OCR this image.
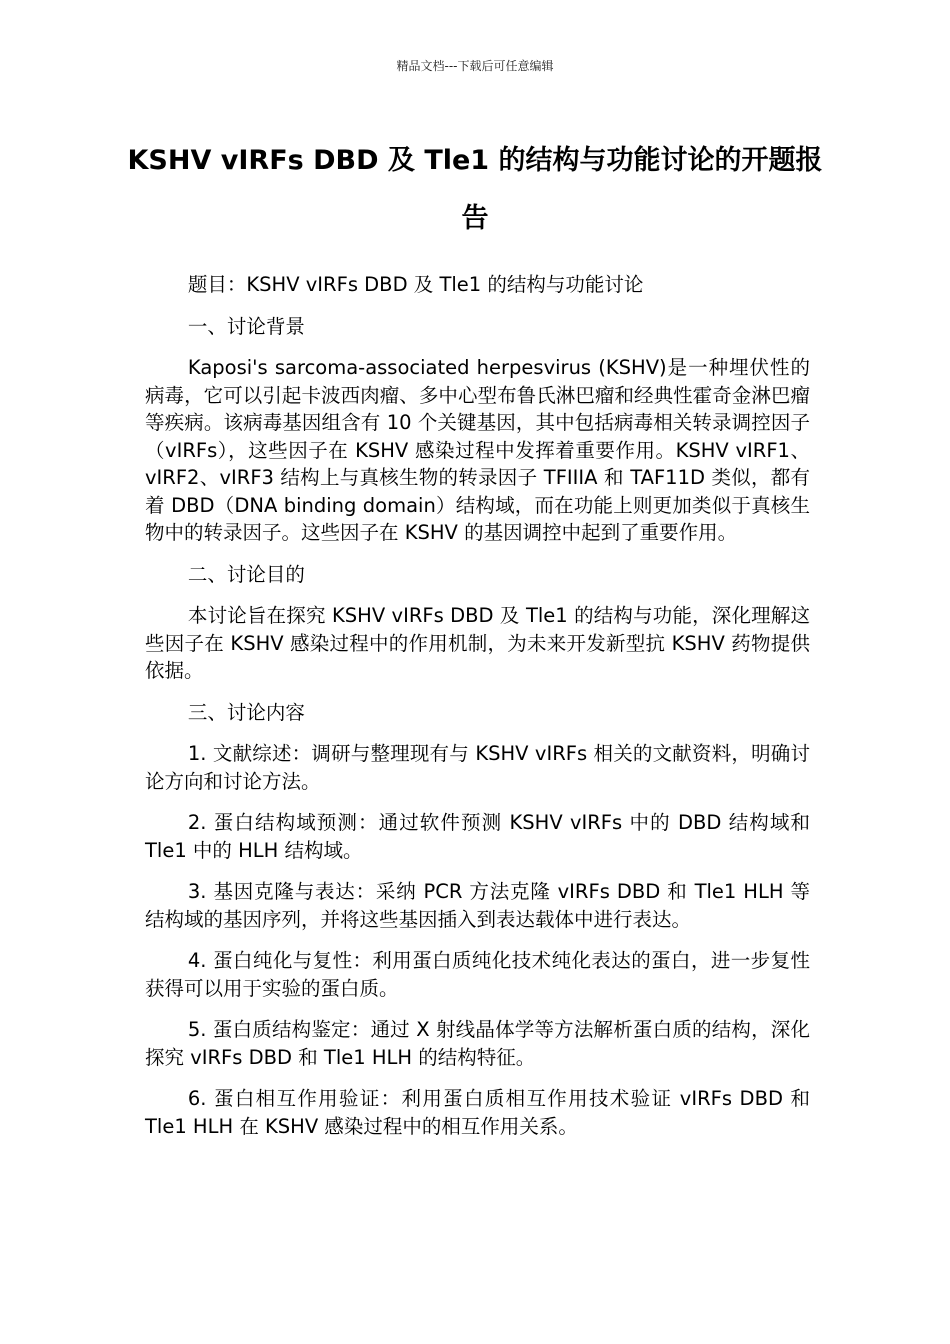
精品文档---下载后可任意编辑
KSHV vIRFs DBD 及 Tle1 的结构与功能讨论的开题报告

题目：KSHV vIRFs DBD 及 Tle1 的结构与功能讨论

一、讨论背景

Kaposi's sarcoma-associated herpesvirus (KSHV)是一种埋伏性的病毒，它可以引起卡波西肉瘤、多中心型布鲁氏淋巴瘤和经典性霍奇金淋巴瘤等疾病。该病毒基因组含有 10 个关键基因，其中包括病毒相关转录调控因子（vIRFs），这些因子在 KSHV 感染过程中发挥着重要作用。KSHV vIRF1、vIRF2、vIRF3 结构上与真核生物的转录因子 TFIIIA 和 TAF11D 类似，都有着 DBD（DNA binding domain）结构域，而在功能上则更加类似于真核生物中的转录因子。这些因子在 KSHV 的基因调控中起到了重要作用。

二、讨论目的

本讨论旨在探究 KSHV vIRFs DBD 及 Tle1 的结构与功能，深化理解这些因子在 KSHV 感染过程中的作用机制，为未来开发新型抗 KSHV 药物提供依据。

三、讨论内容

1. 文献综述：调研与整理现有与 KSHV vIRFs 相关的文献资料，明确讨论方向和讨论方法。

2. 蛋白结构域预测：通过软件预测 KSHV vIRFs 中的 DBD 结构域和 Tle1 中的 HLH 结构域。

3. 基因克隆与表达：采纳 PCR 方法克隆 vIRFs DBD 和 Tle1 HLH 等结构域的基因序列，并将这些基因插入到表达载体中进行表达。

4. 蛋白纯化与复性：利用蛋白质纯化技术纯化表达的蛋白，进一步复性获得可以用于实验的蛋白质。

5. 蛋白质结构鉴定：通过 X 射线晶体学等方法解析蛋白质的结构，深化探究 vIRFs DBD 和 Tle1 HLH 的结构特征。

6. 蛋白相互作用验证：利用蛋白质相互作用技术验证 vIRFs DBD 和 Tle1 HLH 在 KSHV 感染过程中的相互作用关系。
